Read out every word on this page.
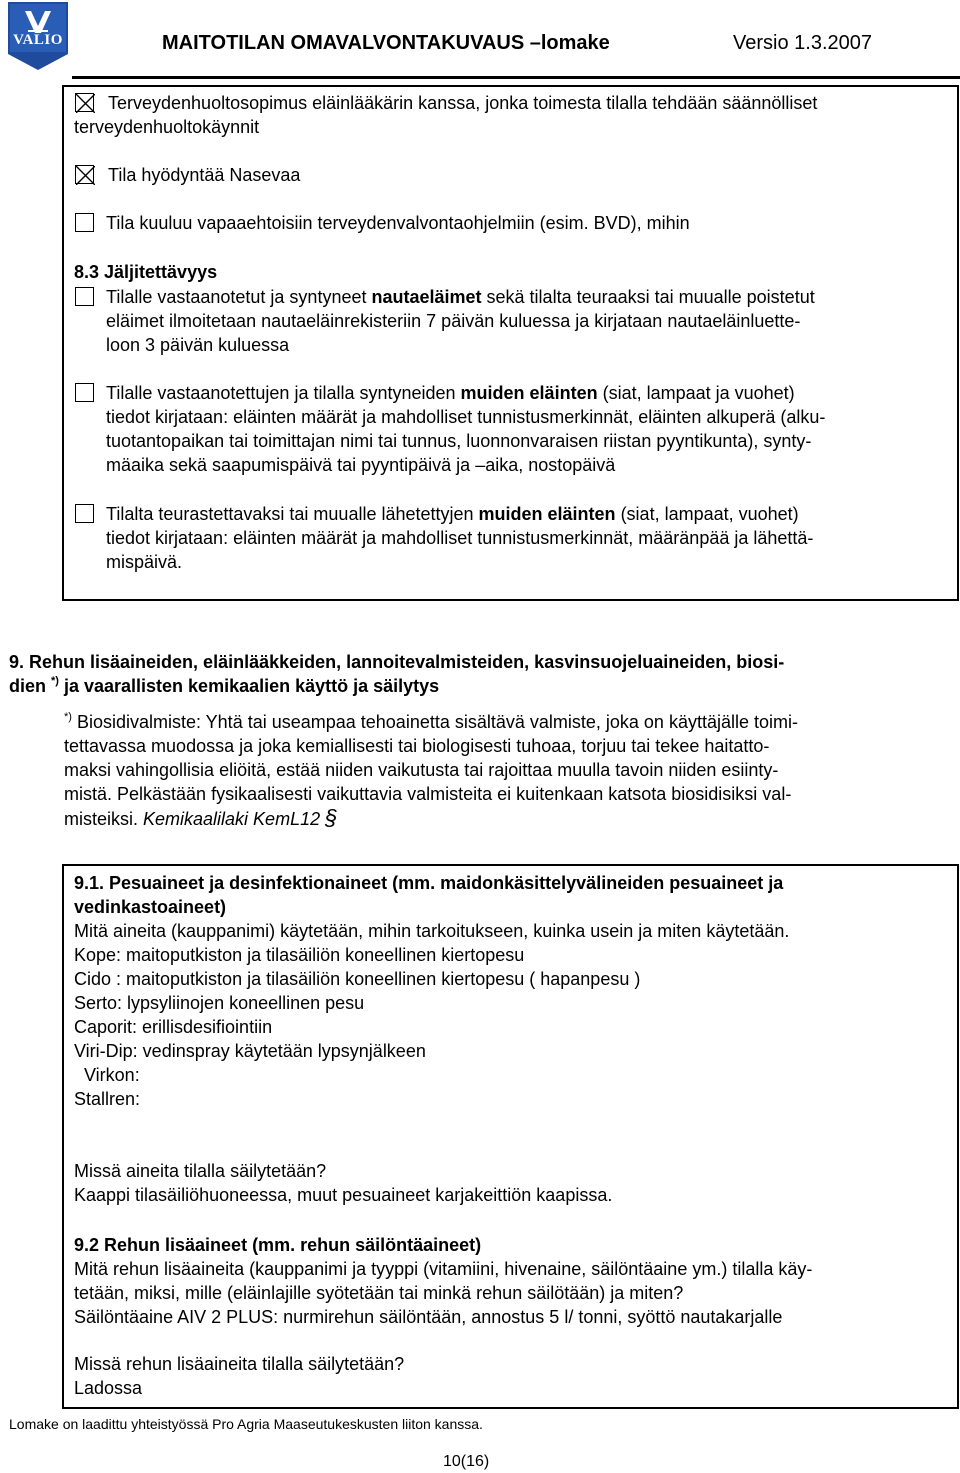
VALIO	MAITOTILAN OMAVALVONTAKUVAUS –lomake	Versio 1.3.2007
Terveydenhuoltosopimus eläinlääkärin kanssa, jonka toimesta tilalla tehdään säännölliset
terveydenhuoltokäynnit
Tila hyödyntää Nasevaa
Tila kuuluu vapaaehtoisiin terveydenvalvontaohjelmiin (esim. BVD), mihin
8.3 Jäljitettävyys
Tilalle vastaanotetut ja syntyneet nautaeläimet sekä tilalta teuraaksi tai muualle poistetut
eläimet ilmoitetaan nautaeläinrekisteriin 7 päivän kuluessa ja kirjataan nautaeläinluette-
loon 3 päivän kuluessa
Tilalle vastaanotettujen ja tilalla syntyneiden muiden eläinten (siat, lampaat ja vuohet)
tiedot kirjataan: eläinten määrät ja mahdolliset tunnistusmerkinnät, eläinten alkuperä (alku-
tuotantopaikan tai toimittajan nimi tai tunnus, luonnonvaraisen riistan pyyntikunta), synty-
mäaika sekä saapumispäivä tai pyyntipäivä ja –aika, nostopäivä
Tilalta teurastettavaksi tai muualle lähetettyjen muiden eläinten (siat, lampaat, vuohet)
tiedot kirjataan: eläinten määrät ja mahdolliset tunnistusmerkinnät, määränpää ja lähettä-
mispäivä.
9. Rehun lisäaineiden, eläinlääkkeiden, lannoitevalmisteiden, kasvinsuojeluaineiden, biosi-
dien *) ja vaarallisten kemikaalien käyttö ja säilytys
*) Biosidivalmiste: Yhtä tai useampaa tehoainetta sisältävä valmiste, joka on käyttäjälle toimi-
tettavassa muodossa ja joka kemiallisesti tai biologisesti tuhoaa, torjuu tai tekee haitatto-
maksi vahingollisia eliöitä, estää niiden vaikutusta tai rajoittaa muulla tavoin niiden esiinty-
mistä. Pelkästään fysikaalisesti vaikuttavia valmisteita ei kuitenkaan katsota biosidisiksi val-
misteiksi. Kemikaalilaki KemL12 §
9.1. Pesuaineet ja desinfektionaineet (mm. maidonkäsittelyvälineiden pesuaineet ja
vedinkastoaineet)
Mitä aineita (kauppanimi) käytetään, mihin tarkoitukseen, kuinka usein ja miten käytetään.
Kope: maitoputkiston ja tilasäiliön koneellinen kiertopesu
Cido : maitoputkiston ja tilasäiliön koneellinen kiertopesu ( hapanpesu )
Serto: lypsyliinojen koneellinen pesu
Caporit: erillisdesifiointiin
Viri-Dip: vedinspray käytetään lypsynjälkeen
Virkon:
Stallren:
Missä aineita tilalla säilytetään?
Kaappi tilasäiliöhuoneessa, muut pesuaineet karjakeittiön kaapissa.
9.2 Rehun lisäaineet (mm. rehun säilöntäaineet)
Mitä rehun lisäaineita (kauppanimi ja tyyppi (vitamiini, hivenaine, säilöntäaine ym.) tilalla käy-
tetään, miksi, mille (eläinlajille syötetään tai minkä rehun säilötään) ja miten?
Säilöntäaine AIV 2 PLUS: nurmirehun säilöntään, annostus 5 l/ tonni, syöttö nautakarjalle
Missä rehun lisäaineita tilalla säilytetään?
Ladossa
Lomake on laadittu yhteistyössä Pro Agria Maaseutukeskusten liiton kanssa.
10(16)
